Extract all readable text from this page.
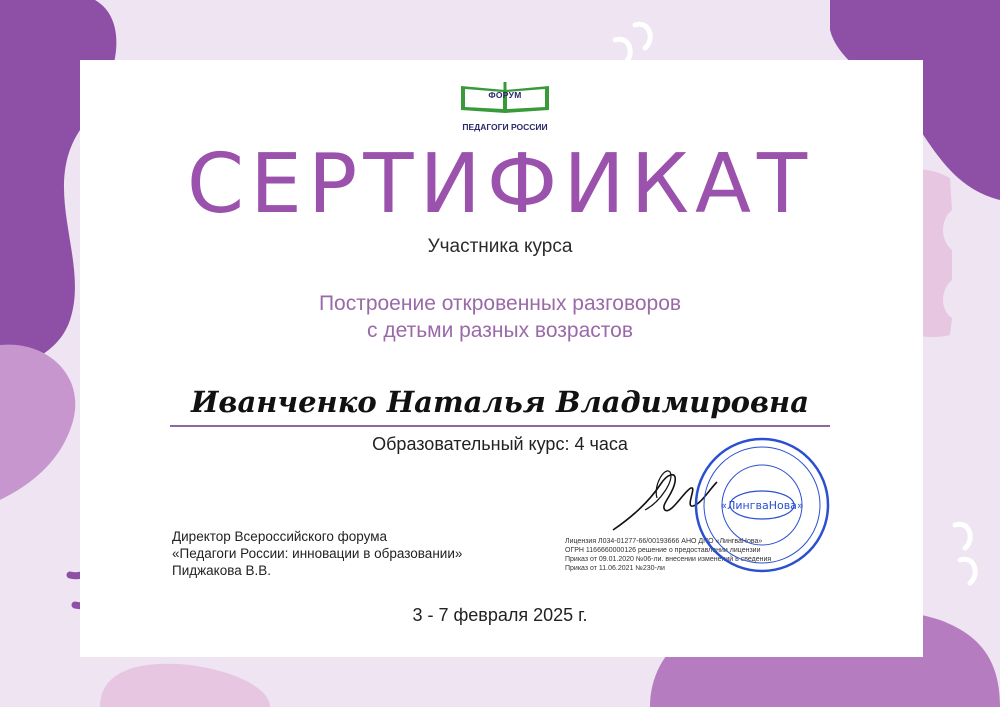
ФОРУМ
ПЕДАГОГИ РОССИИ
СЕРТИФИКАТ
Участника курса
Построение откровенных разговоров
с детьми разных возрастов
Иванченко Наталья Владимировна
Образовательный курс: 4 часа
Директор Всероссийского форума
«Педагоги России: инновации в образовании»
Пиджакова В.В.
Лицензия Л034-01277-66/00193666 АНО ДПО «ЛингваНова»
ОГРН 1166660000126 решение о предоставлении лицензии
Приказ от 09.01.2020 №06-ли. внесении изменений в сведения
Приказ от 11.06.2021 №230-ли
«ЛингваНова»
3 - 7 февраля 2025 г.
